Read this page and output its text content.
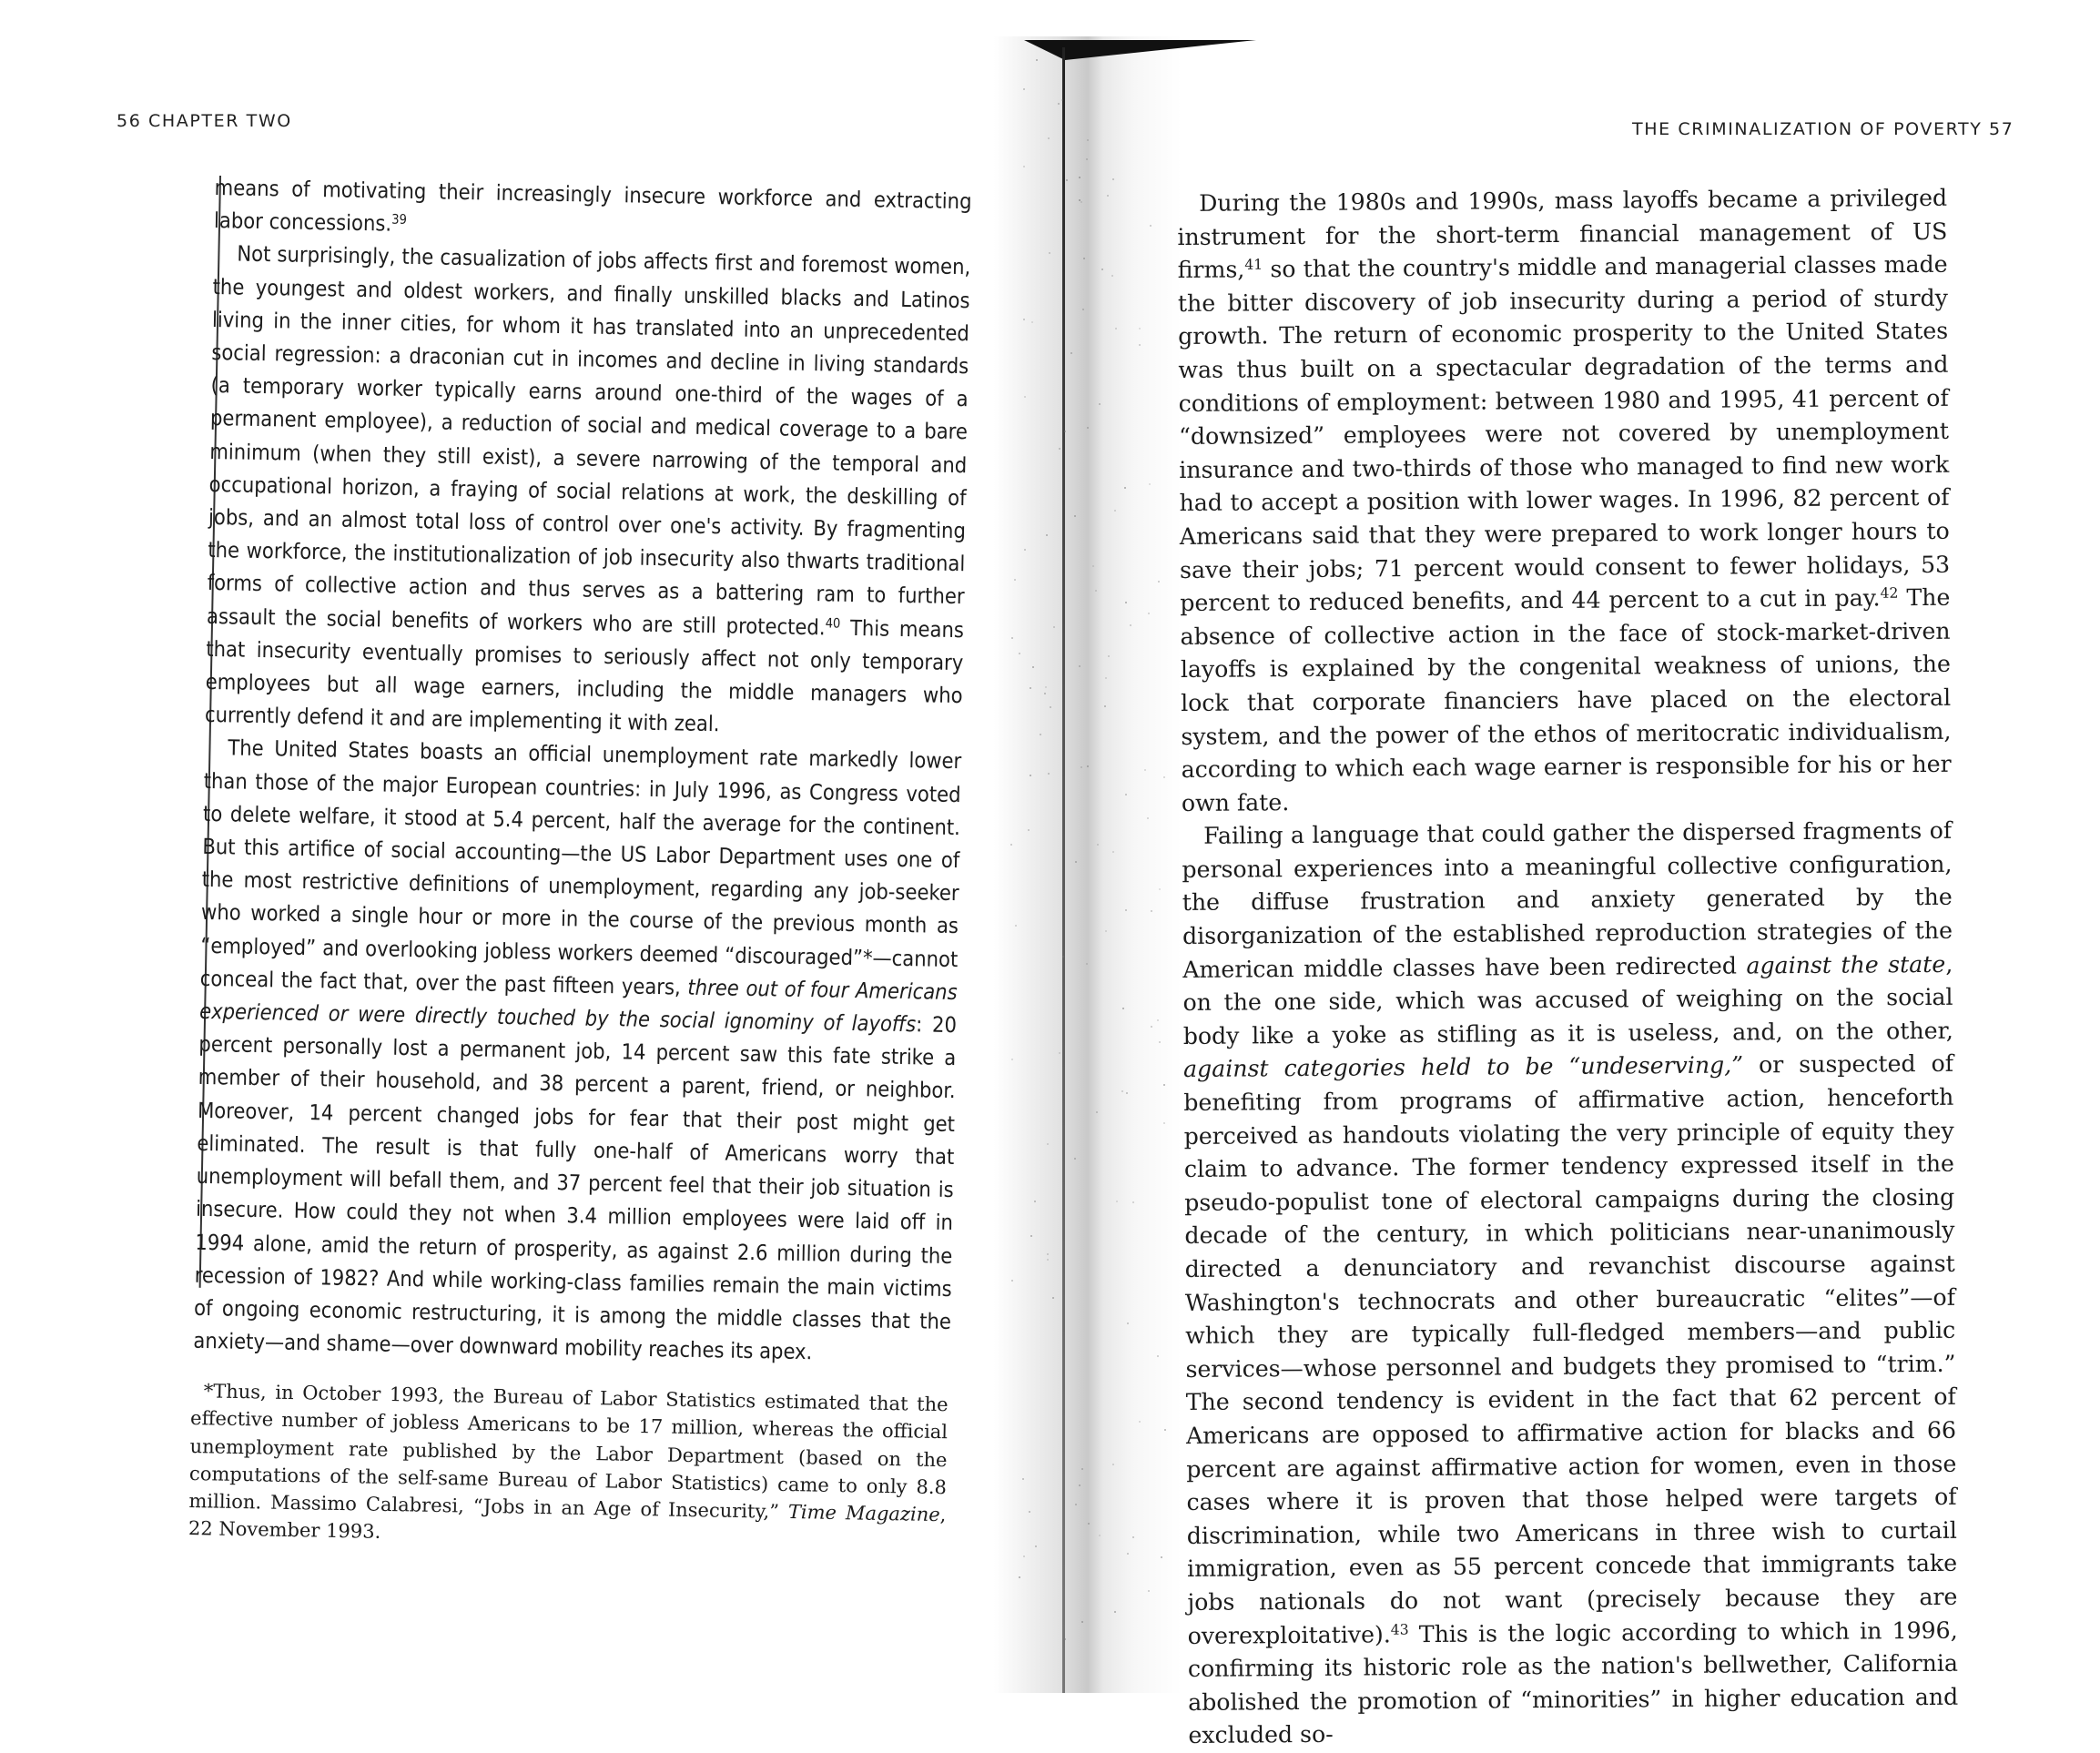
56 CHAPTER TWO

means of motivating their increasingly insecure workforce and extracting labor concessions.$^{39}$

Not surprisingly, the casualization of jobs affects first and foremost women, the youngest and oldest workers, and finally unskilled blacks and Latinos living in the inner cities, for whom it has translated into an unprecedented social regression: a draconian cut in incomes and decline in living standards (a temporary worker typically earns around one-third of the wages of a permanent employee), a reduction of social and medical coverage to a bare minimum (when they still exist), a severe narrowing of the temporal and occupational horizon, a fraying of social relations at work, the deskilling of jobs, and an almost total loss of control over one's activity. By fragmenting the workforce, the institutionalization of job insecurity also thwarts traditional forms of collective action and thus serves as a battering ram to further assault the social benefits of workers who are still protected.$^{40}$ This means that insecurity eventually promises to seriously affect not only temporary employees but all wage earners, including the middle managers who currently defend it and are implementing it with zeal.

The United States boasts an official unemployment rate markedly lower than those of the major European countries: in July 1996, as Congress voted to delete welfare, it stood at 5.4 percent, half the average for the continent. But this artifice of social accounting—the US Labor Department uses one of the most restrictive definitions of unemployment, regarding any job-seeker who worked a single hour or more in the course of the previous month as “employed” and overlooking jobless workers deemed “discouraged”*—cannot conceal the fact that, over the past fifteen years, three out of four Americans experienced or were directly touched by the social ignominy of layoffs: 20 percent personally lost a permanent job, 14 percent saw this fate strike a member of their household, and 38 percent a parent, friend, or neighbor. Moreover, 14 percent changed jobs for fear that their post might get eliminated. The result is that fully one-half of Americans worry that unemployment will befall them, and 37 percent feel that their job situation is insecure. How could they not when 3.4 million employees were laid off in 1994 alone, amid the return of prosperity, as against 2.6 million during the recession of 1982? And while working-class families remain the main victims of ongoing economic restructuring, it is among the middle classes that the anxiety—and shame—over downward mobility reaches its apex.

*Thus, in October 1993, the Bureau of Labor Statistics estimated that the effective number of jobless Americans to be 17 million, whereas the official unemployment rate published by the Labor Department (based on the computations of the self-same Bureau of Labor Statistics) came to only 8.8 million. Massimo Calabresi, “Jobs in an Age of Insecurity,” Time Magazine, 22 November 1993.

THE CRIMINALIZATION OF POVERTY 57

During the 1980s and 1990s, mass layoffs became a privileged instrument for the short-term financial management of US firms,$^{41}$ so that the country's middle and managerial classes made the bitter discovery of job insecurity during a period of sturdy growth. The return of economic prosperity to the United States was thus built on a spectacular degradation of the terms and conditions of employment: between 1980 and 1995, 41 percent of “downsized” employees were not covered by unemployment insurance and two-thirds of those who managed to find new work had to accept a position with lower wages. In 1996, 82 percent of Americans said that they were prepared to work longer hours to save their jobs; 71 percent would consent to fewer holidays, 53 percent to reduced benefits, and 44 percent to a cut in pay.$^{42}$ The absence of collective action in the face of stock-market-driven layoffs is explained by the congenital weakness of unions, the lock that corporate financiers have placed on the electoral system, and the power of the ethos of meritocratic individualism, according to which each wage earner is responsible for his or her own fate.

Failing a language that could gather the dispersed fragments of personal experiences into a meaningful collective configuration, the diffuse frustration and anxiety generated by the disorganization of the established reproduction strategies of the American middle classes have been redirected against the state, on the one side, which was accused of weighing on the social body like a yoke as stifling as it is useless, and, on the other, against categories held to be “undeserving,” or suspected of benefiting from programs of affirmative action, henceforth perceived as handouts violating the very principle of equity they claim to advance. The former tendency expressed itself in the pseudo-populist tone of electoral campaigns during the closing decade of the century, in which politicians near-unanimously directed a denunciatory and revanchist discourse against Washington's technocrats and other bureaucratic “elites”—of which they are typically full-fledged members—and public services—whose personnel and budgets they promised to “trim.” The second tendency is evident in the fact that 62 percent of Americans are opposed to affirmative action for blacks and 66 percent are against affirmative action for women, even in those cases where it is proven that those helped were targets of discrimination, while two Americans in three wish to curtail immigration, even as 55 percent concede that immigrants take jobs nationals do not want (precisely because they are overexploitative).$^{43}$ This is the logic according to which in 1996, confirming its historic role as the nation's bellwether, California abolished the promotion of “minorities” in higher education and excluded so-
